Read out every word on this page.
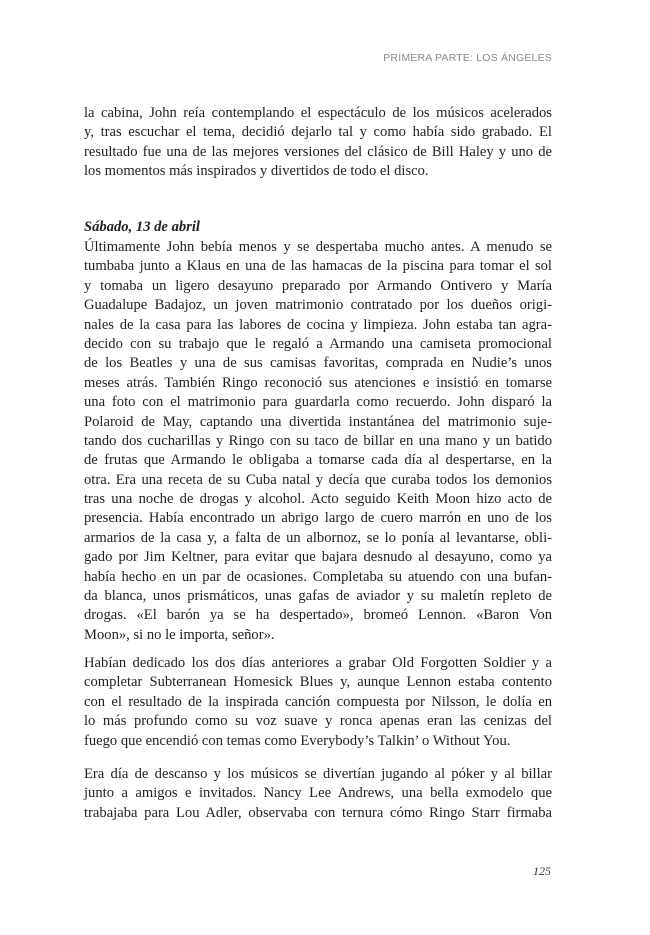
PRIMERA PARTE: LOS ÁNGELES
la cabina, John reía contemplando el espectáculo de los músicos acelerados
y, tras escuchar el tema, decidió dejarlo tal y como había sido grabado. El
resultado fue una de las mejores versiones del clásico de Bill Haley y uno de
los momentos más inspirados y divertidos de todo el disco.
Sábado, 13 de abril
Últimamente John bebía menos y se despertaba mucho antes. A menudo se
tumbaba junto a Klaus en una de las hamacas de la piscina para tomar el sol
y tomaba un ligero desayuno preparado por Armando Ontivero y María
Guadalupe Badajoz, un joven matrimonio contratado por los dueños origi-
nales de la casa para las labores de cocina y limpieza. John estaba tan agra-
decido con su trabajo que le regaló a Armando una camiseta promocional
de los Beatles y una de sus camisas favoritas, comprada en Nudie’s unos
meses atrás. También Ringo reconoció sus atenciones e insistió en tomarse
una foto con el matrimonio para guardarla como recuerdo. John disparó la
Polaroid de May, captando una divertida instantánea del matrimonio suje-
tando dos cucharillas y Ringo con su taco de billar en una mano y un batido
de frutas que Armando le obligaba a tomarse cada día al despertarse, en la
otra. Era una receta de su Cuba natal y decía que curaba todos los demonios
tras una noche de drogas y alcohol. Acto seguido Keith Moon hizo acto de
presencia. Había encontrado un abrigo largo de cuero marrón en uno de los
armarios de la casa y, a falta de un albornoz, se lo ponía al levantarse, obli-
gado por Jim Keltner, para evitar que bajara desnudo al desayuno, como ya
había hecho en un par de ocasiones. Completaba su atuendo con una bufan-
da blanca, unos prismáticos, unas gafas de aviador y su maletín repleto de
drogas. «El barón ya se ha despertado», bromeó Lennon. «Baron Von
Moon», si no le importa, señor».
Habían dedicado los dos días anteriores a grabar Old Forgotten Soldier y a
completar Subterranean Homesick Blues y, aunque Lennon estaba contento
con el resultado de la inspirada canción compuesta por Nilsson, le dolía en
lo más profundo como su voz suave y ronca apenas eran las cenizas del
fuego que encendió con temas como Everybody’s Talkin’ o Without You.
Era día de descanso y los músicos se divertían jugando al póker y al billar
junto a amigos e invitados. Nancy Lee Andrews, una bella exmodelo que
trabajaba para Lou Adler, observaba con ternura cómo Ringo Starr firmaba
125
